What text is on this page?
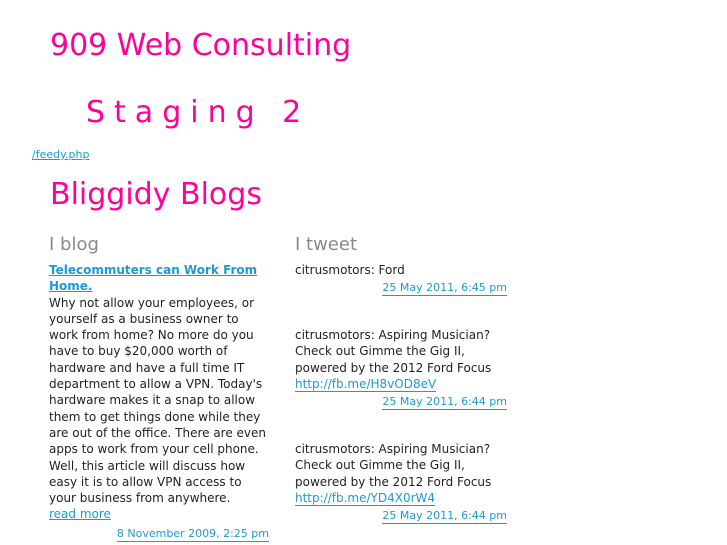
909 Web Consulting
Staging 2
/feedy.php
Bliggidy Blogs
I blog	I tweet
Telecommuters can Work From Home.
Why not allow your employees, or yourself as a business owner to work from home? No more do you have to buy $20,000 worth of hardware and have a full time IT department to allow a VPN. Today's hardware makes it a snap to allow them to get things done while they are out of the office. There are even apps to work from your cell phone. Well, this article will discuss how easy it is to allow VPN access to your business from anywhere.
read more
8 November 2009, 2:25 pm
citrusmotors: Ford
25 May 2011, 6:45 pm
citrusmotors: Aspiring Musician? Check out Gimme the Gig II, powered by the 2012 Ford Focus
http://fb.me/H8vOD8eV
25 May 2011, 6:44 pm
citrusmotors: Aspiring Musician? Check out Gimme the Gig II, powered by the 2012 Ford Focus
http://fb.me/YD4X0rW4
25 May 2011, 6:44 pm
